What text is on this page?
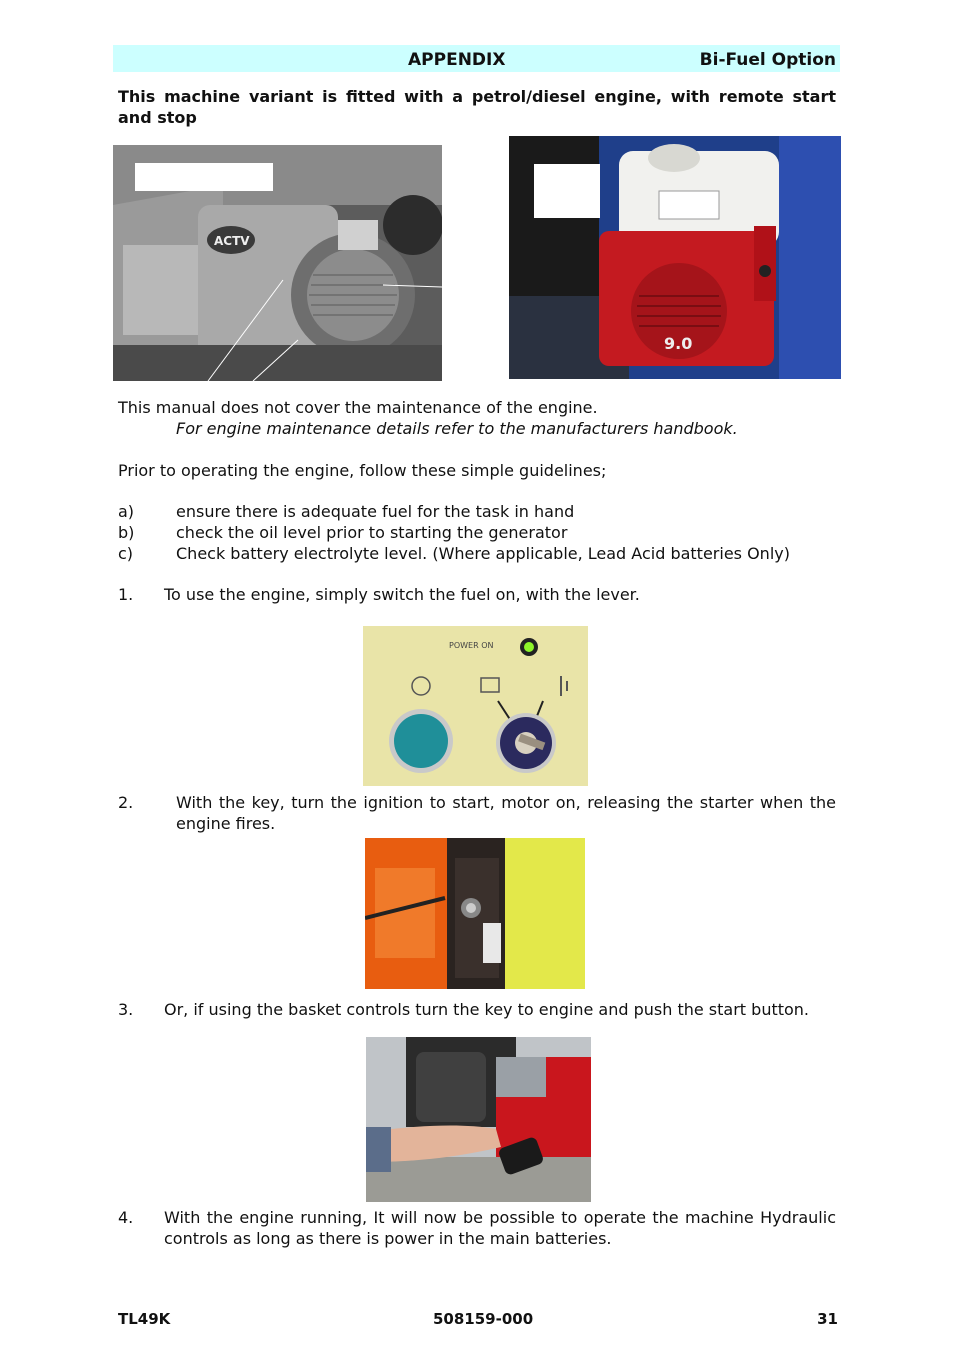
APPENDIX	Bi-Fuel Option
This machine variant is fitted with a petrol/diesel engine, with remote start and stop
ACTV
9.0
This manual does not cover the maintenance of the engine.
For engine maintenance details refer to the manufacturers handbook.
Prior to operating the engine, follow these simple guidelines;
a)	ensure there is adequate fuel for the task in hand
b)	check the oil level prior to starting the generator
c)	Check battery electrolyte level. (Where applicable, Lead Acid batteries Only)
1. To use the engine, simply switch the fuel on, with the lever.
POWER ON
2.	With the key, turn the ignition to start, motor on, releasing the starter when the engine fires.
3. Or, if using the basket controls turn the key to engine and push the start button.
4. With the engine running, It will now be possible to operate the machine Hydraulic controls as long as there is power in the main batteries.
TL49K	508159-000	31
